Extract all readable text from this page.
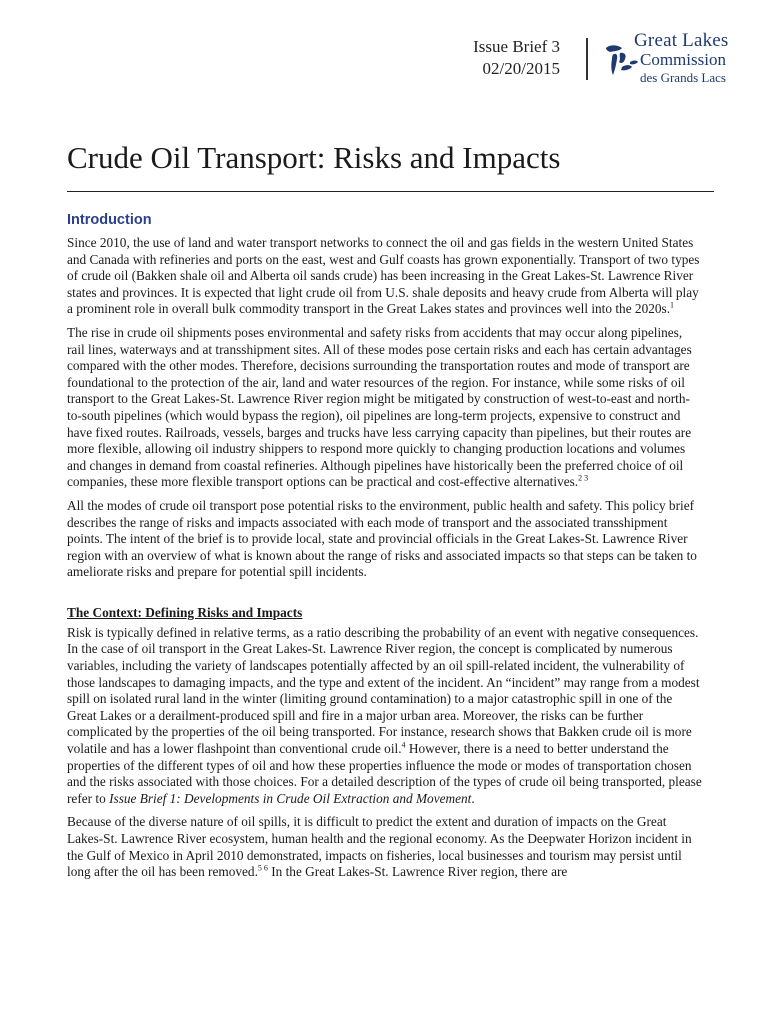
Issue Brief 3
02/20/2015
Great Lakes
Commission
des Grands Lacs
Crude Oil Transport: Risks and Impacts
Introduction

Since 2010, the use of land and water transport networks to connect the oil and gas fields in the western United States and Canada with refineries and ports on the east, west and Gulf coasts has grown exponentially. Transport of two types of crude oil (Bakken shale oil and Alberta oil sands crude) has been increasing in the Great Lakes-St. Lawrence River states and provinces. It is expected that light crude oil from U.S. shale deposits and heavy crude from Alberta will play a prominent role in overall bulk commodity transport in the Great Lakes states and provinces well into the 2020s.$^1$

The rise in crude oil shipments poses environmental and safety risks from accidents that may occur along pipelines, rail lines, waterways and at transshipment sites. All of these modes pose certain risks and each has certain advantages compared with the other modes. Therefore, decisions surrounding the transportation routes and mode of transport are foundational to the protection of the air, land and water resources of the region. For instance, while some risks of oil transport to the Great Lakes-St. Lawrence River region might be mitigated by construction of west-to-east and north-to-south pipelines (which would bypass the region), oil pipelines are long-term projects, expensive to construct and have fixed routes. Railroads, vessels, barges and trucks have less carrying capacity than pipelines, but their routes are more flexible, allowing oil industry shippers to respond more quickly to changing production locations and volumes and changes in demand from coastal refineries. Although pipelines have historically been the preferred choice of oil companies, these more flexible transport options can be practical and cost-effective alternatives.$^{2 3}$

All the modes of crude oil transport pose potential risks to the environment, public health and safety. This policy brief describes the range of risks and impacts associated with each mode of transport and the associated transshipment points. The intent of the brief is to provide local, state and provincial officials in the Great Lakes-St. Lawrence River region with an overview of what is known about the range of risks and associated impacts so that steps can be taken to ameliorate risks and prepare for potential spill incidents.

The Context: Defining Risks and Impacts

Risk is typically defined in relative terms, as a ratio describing the probability of an event with negative consequences. In the case of oil transport in the Great Lakes-St. Lawrence River region, the concept is complicated by numerous variables, including the variety of landscapes potentially affected by an oil spill-related incident, the vulnerability of those landscapes to damaging impacts, and the type and extent of the incident. An “incident” may range from a modest spill on isolated rural land in the winter (limiting ground contamination) to a major catastrophic spill in one of the Great Lakes or a derailment-produced spill and fire in a major urban area. Moreover, the risks can be further complicated by the properties of the oil being transported. For instance, research shows that Bakken crude oil is more volatile and has a lower flashpoint than conventional crude oil.$^4$ However, there is a need to better understand the properties of the different types of oil and how these properties influence the mode or modes of transportation chosen and the risks associated with those choices. For a detailed description of the types of crude oil being transported, please refer to Issue Brief 1: Developments in Crude Oil Extraction and Movement.

Because of the diverse nature of oil spills, it is difficult to predict the extent and duration of impacts on the Great Lakes-St. Lawrence River ecosystem, human health and the regional economy. As the Deepwater Horizon incident in the Gulf of Mexico in April 2010 demonstrated, impacts on fisheries, local businesses and tourism may persist until long after the oil has been removed.$^{5 6}$ In the Great Lakes-St. Lawrence River region, there are
